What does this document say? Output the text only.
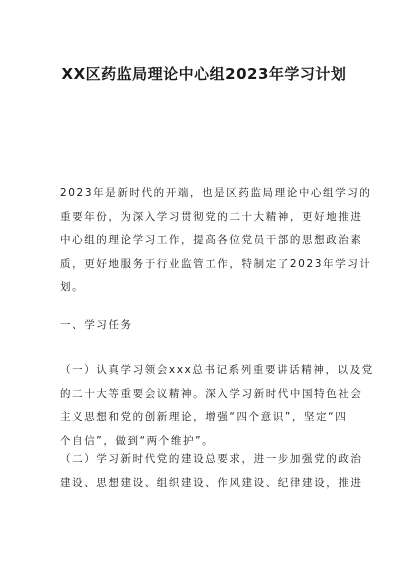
XX区药监局理论中心组2023年学习计划

2023年是新时代的开端，也是区药监局理论中心组学习的
重要年份，为深入学习贯彻党的二十大精神，更好地推进
中心组的理论学习工作，提高各位党员干部的思想政治素
质，更好地服务于行业监管工作，特制定了2023年学习计
划。

一、学习任务

（一）认真学习领会xxx总书记系列重要讲话精神，以及党
的二十大等重要会议精神。深入学习新时代中国特色社会
主义思想和党的创新理论，增强“四个意识”，坚定“四
个自信”，做到“两个维护”。

（二）学习新时代党的建设总要求，进一步加强党的政治
建设、思想建设、组织建设、作风建设、纪律建设，推进
